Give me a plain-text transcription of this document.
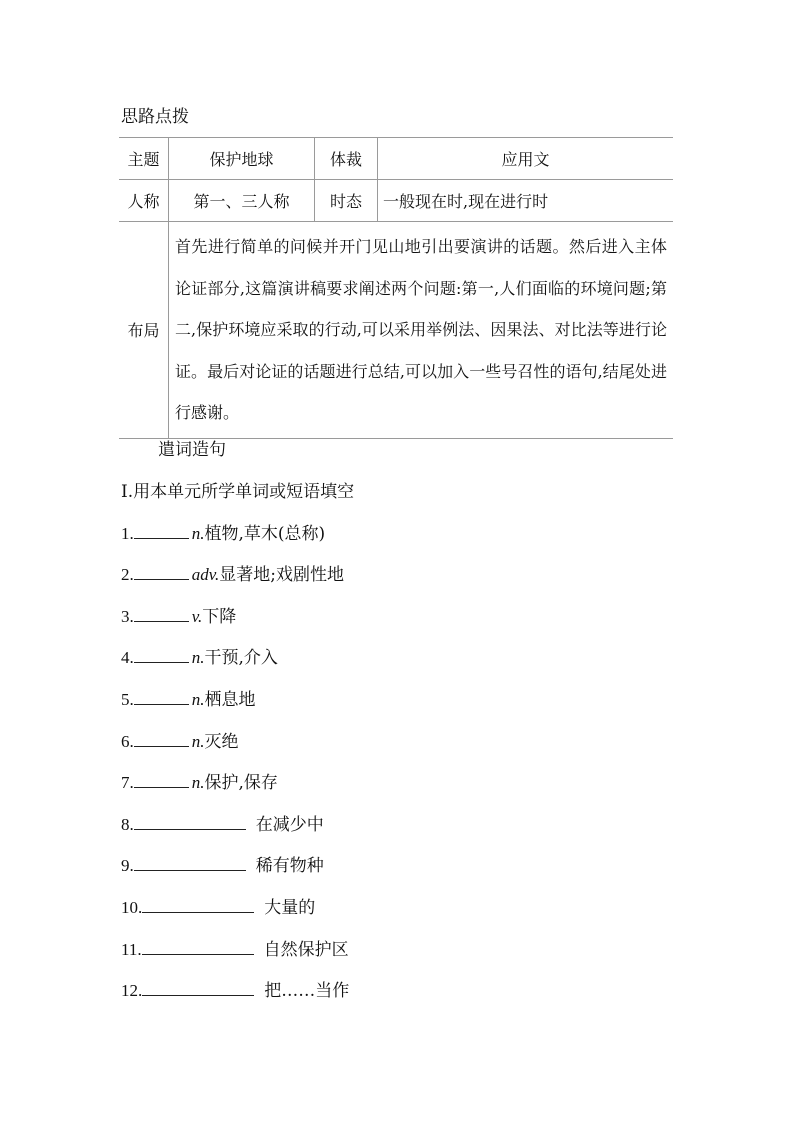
思路点拨
主题	保护地球	体裁	应用文
人称	第一、三人称	时态	一般现在时,现在进行时
布局	首先进行简单的问候并开门见山地引出要演讲的话题。然后进入主体论证部分,这篇演讲稿要求阐述两个问题:第一,人们面临的环境问题;第二,保护环境应采取的行动,可以采用举例法、因果法、对比法等进行论证。最后对论证的话题进行总结,可以加入一些号召性的语句,结尾处进行感谢。		
遣词造句
Ⅰ.用本单元所学单词或短语填空
1.	n.植物,草木(总称)
2.	adv.显著地;戏剧性地
3.	v.下降
4.	n.干预,介入
5.	n.栖息地
6.	n.灭绝
7.	n.保护,保存
8.	在减少中
9.	稀有物种
10.	大量的
11.	自然保护区
12.	把……当作
